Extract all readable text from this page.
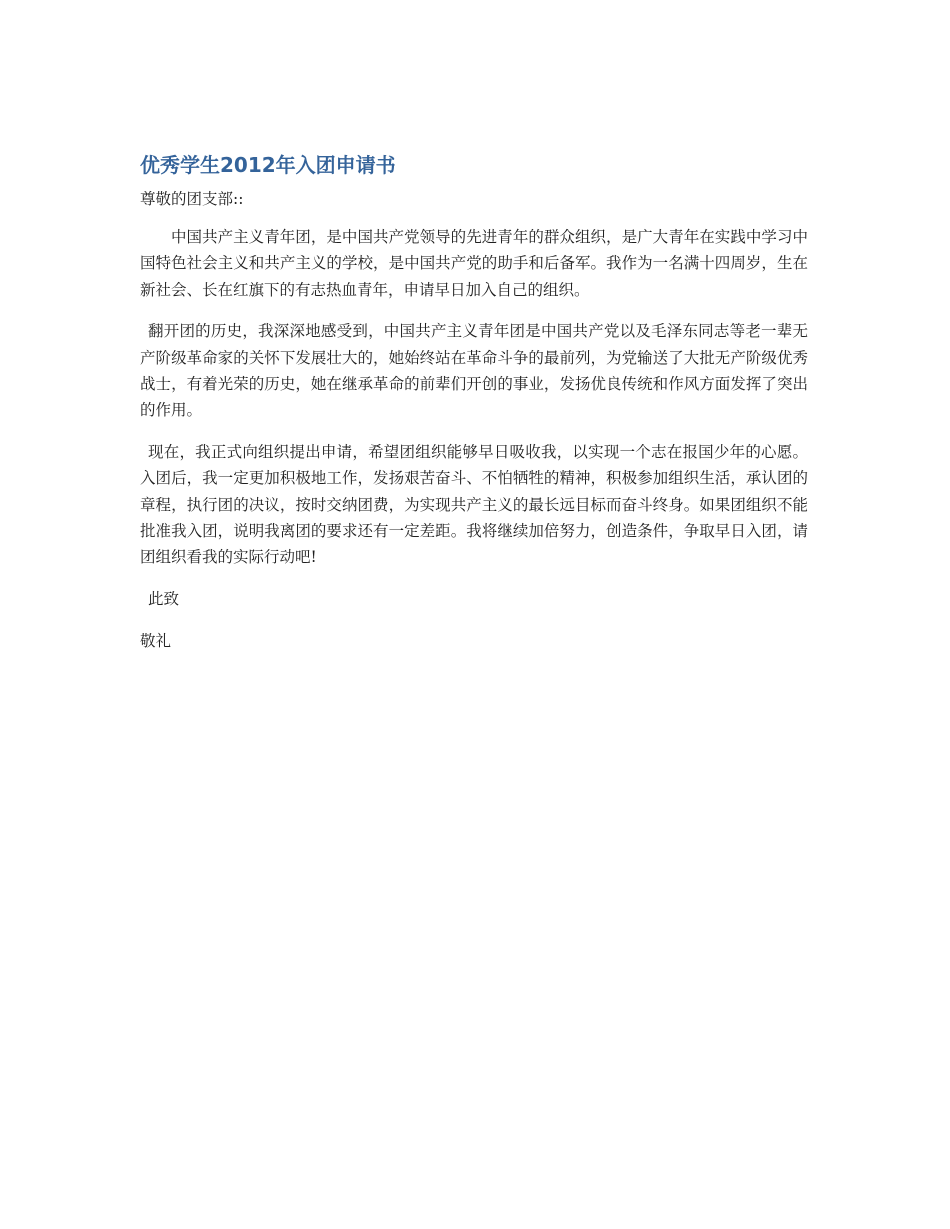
优秀学生2012年入团申请书

尊敬的团支部::

中国共产主义青年团，是中国共产党领导的先进青年的群众组织，是广大青年在实践中学习中国特色社会主义和共产主义的学校，是中国共产党的助手和后备军。我作为一名满十四周岁，生在新社会、长在红旗下的有志热血青年，申请早日加入自己的组织。

翻开团的历史，我深深地感受到，中国共产主义青年团是中国共产党以及毛泽东同志等老一辈无产阶级革命家的关怀下发展壮大的，她始终站在革命斗争的最前列，为党输送了大批无产阶级优秀战士，有着光荣的历史，她在继承革命的前辈们开创的事业，发扬优良传统和作风方面发挥了突出的作用。

现在，我正式向组织提出申请，希望团组织能够早日吸收我，以实现一个志在报国少年的心愿。入团后，我一定更加积极地工作，发扬艰苦奋斗、不怕牺牲的精神，积极参加组织生活，承认团的章程，执行团的决议，按时交纳团费，为实现共产主义的最长远目标而奋斗终身。如果团组织不能批准我入团，说明我离团的要求还有一定差距。我将继续加倍努力，创造条件，争取早日入团，请团组织看我的实际行动吧!

此致

敬礼
